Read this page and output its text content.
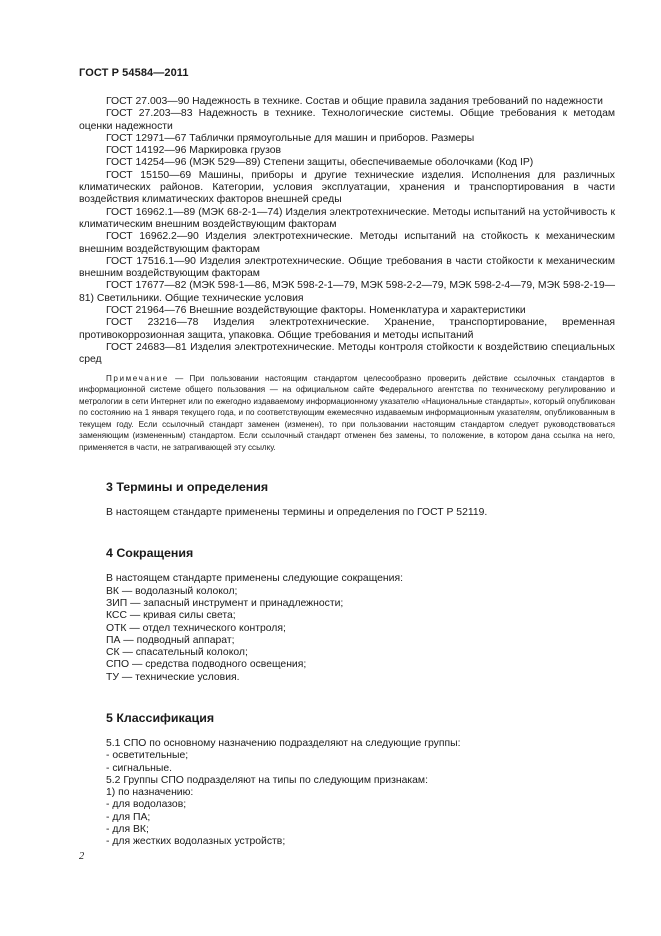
ГОСТ Р 54584—2011

ГОСТ 27.003—90 Надежность в технике. Состав и общие правила задания требований по надежности

ГОСТ 27.203—83 Надежность в технике. Технологические системы. Общие требования к методам оценки надежности

ГОСТ 12971—67 Таблички прямоугольные для машин и приборов. Размеры

ГОСТ 14192—96 Маркировка грузов

ГОСТ 14254—96 (МЭК 529—89) Степени защиты, обеспечиваемые оболочками (Код IP)

ГОСТ 15150—69 Машины, приборы и другие технические изделия. Исполнения для различных климатических районов. Категории, условия эксплуатации, хранения и транспортирования в части воздействия климатических факторов внешней среды

ГОСТ 16962.1—89 (МЭК 68-2-1—74) Изделия электротехнические. Методы испытаний на устойчивость к климатическим внешним воздействующим факторам

ГОСТ 16962.2—90 Изделия электротехнические. Методы испытаний на стойкость к механическим внешним воздействующим факторам

ГОСТ 17516.1—90 Изделия электротехнические. Общие требования в части стойкости к механическим внешним воздействующим факторам

ГОСТ 17677—82 (МЭК 598-1—86, МЭК 598-2-1—79, МЭК 598-2-2—79, МЭК 598-2-4—79, МЭК 598-2-19—81) Светильники. Общие технические условия

ГОСТ 21964—76 Внешние воздействующие факторы. Номенклатура и характеристики

ГОСТ 23216—78 Изделия электротехнические. Хранение, транспортирование, временная противокоррозионная защита, упаковка. Общие требования и методы испытаний

ГОСТ 24683—81 Изделия электротехнические. Методы контроля стойкости к воздействию специальных сред

Примечание — При пользовании настоящим стандартом целесообразно проверить действие ссылочных стандартов в информационной системе общего пользования — на официальном сайте Федерального агентства по техническому регулированию и метрологии в сети Интернет или по ежегодно издаваемому информационному указателю «Национальные стандарты», который опубликован по состоянию на 1 января текущего года, и по соответствующим ежемесячно издаваемым информационным указателям, опубликованным в текущем году. Если ссылочный стандарт заменен (изменен), то при пользовании настоящим стандартом следует руководствоваться заменяющим (измененным) стандартом. Если ссылочный стандарт отменен без замены, то положение, в котором дана ссылка на него, применяется в части, не затрагивающей эту ссылку.

3 Термины и определения

В настоящем стандарте применены термины и определения по ГОСТ Р 52119.

4 Сокращения

В настоящем стандарте применены следующие сокращения:

ВК — водолазный колокол;

ЗИП — запасный инструмент и принадлежности;

КСС — кривая силы света;

ОТК — отдел технического контроля;

ПА — подводный аппарат;

СК — спасательный колокол;

СПО — средства подводного освещения;

ТУ — технические условия.

5 Классификация

5.1 СПО по основному назначению подразделяют на следующие группы:

- осветительные;

- сигнальные.

5.2 Группы СПО подразделяют на типы по следующим признакам:

1) по назначению:

- для водолазов;

- для ПА;

- для ВК;

- для жестких водолазных устройств;

2
